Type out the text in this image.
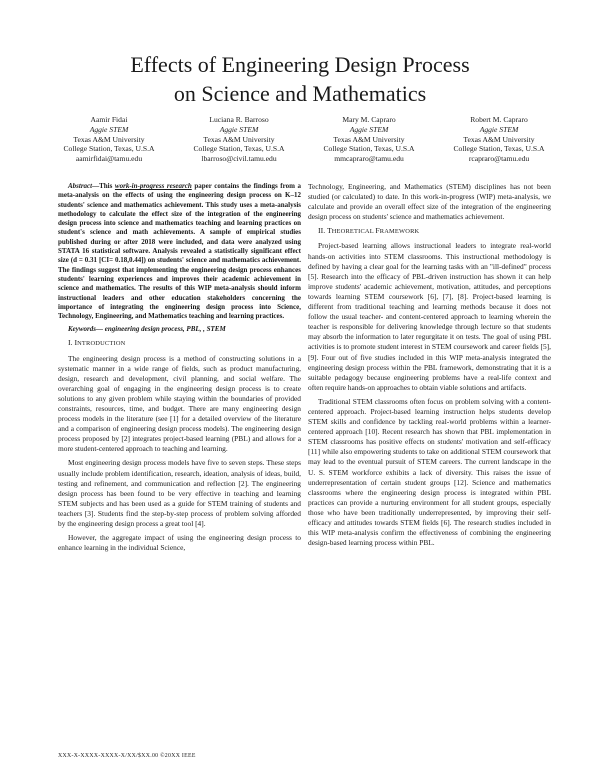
Effects of Engineering Design Process
on Science and Mathematics
Aamir Fidai
Aggie STEM
Texas A&M University
College Station, Texas, U.S.A
aamirfidai@tamu.edu
Luciana R. Barroso
Aggie STEM
Texas A&M University
College Station, Texas, U.S.A
lbarroso@civil.tamu.edu
Mary M. Capraro
Aggie STEM
Texas A&M University
College Station, Texas, U.S.A
mmcapraro@tamu.edu
Robert M. Capraro
Aggie STEM
Texas A&M University
College Station, Texas, U.S.A
rcapraro@tamu.edu

Abstract—This work-in-progress research paper contains the findings from a meta-analysis on the effects of using the engineering design process on K–12 students' science and mathematics achievement. This study uses a meta-analysis methodology to calculate the effect size of the integration of the engineering design process into science and mathematics teaching and learning practices on student's science and math achievements. A sample of empirical studies published during or after 2018 were included, and data were analyzed using STATA 16 statistical software. Analysis revealed a statistically significant effect size (d = 0.31 [CI= 0.18,0.44]) on students' science and mathematics achievement. The findings suggest that implementing the engineering design process enhances students' learning experiences and improves their academic achievement in science and mathematics. The results of this WIP meta-analysis should inform instructional leaders and other education stakeholders concerning the importance of integrating the engineering design process into Science, Technology, Engineering, and Mathematics teaching and learning practices.

Keywords— engineering design process, PBL, , STEM

I. INTRODUCTION

The engineering design process is a method of constructing solutions in a systematic manner in a wide range of fields, such as product manufacturing, design, research and development, civil planning, and social welfare. The overarching goal of engaging in the engineering design process is to create solutions to any given problem while staying within the boundaries of provided constraints, resources, time, and budget. There are many engineering design process models in the literature (see [1] for a detailed overview of the literature and a comparison of engineering design process models). The engineering design process proposed by [2] integrates project-based learning (PBL) and allows for a more student-centered approach to teaching and learning.

Most engineering design process models have five to seven steps. These steps usually include problem identification, research, ideation, analysis of ideas, build, testing and refinement, and communication and reflection [2]. The engineering design process has been found to be very effective in teaching and learning STEM subjects and has been used as a guide for STEM training of students and teachers [3]. Students find the step-by-step process of problem solving afforded by the engineering design process a great tool [4].

However, the aggregate impact of using the engineering design process to enhance learning in the individual Science,

Technology, Engineering, and Mathematics (STEM) disciplines has not been studied (or calculated) to date. In this work-in-progress (WIP) meta-analysis, we calculate and provide an overall effect size of the integration of the engineering design process on students' science and mathematics achievement.

II. THEORETICAL FRAMEWORK

Project-based learning allows instructional leaders to integrate real-world hands-on activities into STEM classrooms. This instructional methodology is defined by having a clear goal for the learning tasks with an "ill-defined" process [5]. Research into the efficacy of PBL-driven instruction has shown it can help improve students' academic achievement, motivation, attitudes, and perceptions towards learning STEM coursework [6], [7], [8]. Project-based learning is different from traditional teaching and learning methods because it does not follow the usual teacher- and content-centered approach to learning wherein the teacher is responsible for delivering knowledge through lecture so that students may absorb the information to later regurgitate it on tests. The goal of using PBL activities is to promote student interest in STEM coursework and career fields [5], [9]. Four out of five studies included in this WIP meta-analysis integrated the engineering design process within the PBL framework, demonstrating that it is a suitable pedagogy because engineering problems have a real-life context and often require hands-on approaches to obtain viable solutions and artifacts.

Traditional STEM classrooms often focus on problem solving with a content-centered approach. Project-based learning instruction helps students develop STEM skills and confidence by tackling real-world problems within a learner-centered approach [10]. Recent research has shown that PBL implementation in STEM classrooms has positive effects on students' motivation and self-efficacy [11] while also empowering students to take on additional STEM coursework that may lead to the eventual pursuit of STEM careers. The current landscape in the U. S. STEM workforce exhibits a lack of diversity. This raises the issue of underrepresentation of certain student groups [12]. Science and mathematics classrooms where the engineering design process is integrated within PBL practices can provide a nurturing environment for all student groups, especially those who have been traditionally underrepresented, by improving their self-efficacy and attitudes towards STEM fields [6]. The research studies included in this WIP meta-analysis confirm the effectiveness of combining the engineering design-based learning process within PBL.

XXX-X-XXXX-XXXX-X/XX/$XX.00 ©20XX IEEE
